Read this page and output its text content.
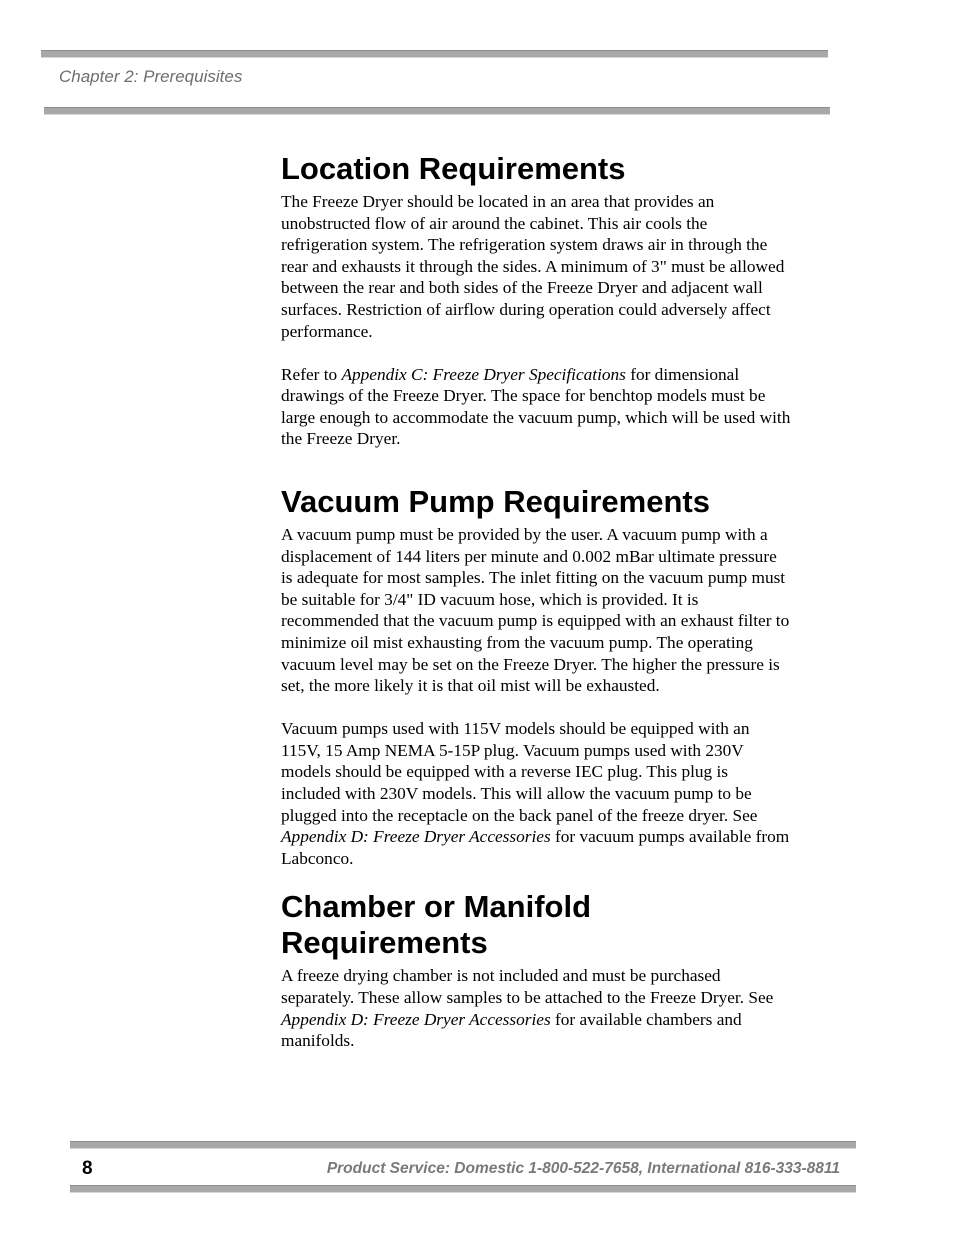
Chapter 2: Prerequisites
Location Requirements

The Freeze Dryer should be located in an area that provides an unobstructed flow of air around the cabinet. This air cools the refrigeration system. The refrigeration system draws air in through the rear and exhausts it through the sides. A minimum of 3" must be allowed between the rear and both sides of the Freeze Dryer and adjacent wall surfaces. Restriction of airflow during operation could adversely affect performance.

Refer to Appendix C: Freeze Dryer Specifications for dimensional drawings of the Freeze Dryer. The space for benchtop models must be large enough to accommodate the vacuum pump, which will be used with the Freeze Dryer.

Vacuum Pump Requirements

A vacuum pump must be provided by the user. A vacuum pump with a displacement of 144 liters per minute and 0.002 mBar ultimate pressure is adequate for most samples. The inlet fitting on the vacuum pump must be suitable for 3/4" ID vacuum hose, which is provided. It is recommended that the vacuum pump is equipped with an exhaust filter to minimize oil mist exhausting from the vacuum pump. The operating vacuum level may be set on the Freeze Dryer. The higher the pressure is set, the more likely it is that oil mist will be exhausted.

Vacuum pumps used with 115V models should be equipped with an 115V, 15 Amp NEMA 5-15P plug. Vacuum pumps used with 230V models should be equipped with a reverse IEC plug. This plug is included with 230V models. This will allow the vacuum pump to be plugged into the receptacle on the back panel of the freeze dryer. See Appendix D: Freeze Dryer Accessories for vacuum pumps available from Labconco.

Chamber or Manifold Requirements

A freeze drying chamber is not included and must be purchased separately. These allow samples to be attached to the Freeze Dryer. See Appendix D: Freeze Dryer Accessories for available chambers and manifolds.

8	Product Service: Domestic 1-800-522-7658, International 816-333-8811
